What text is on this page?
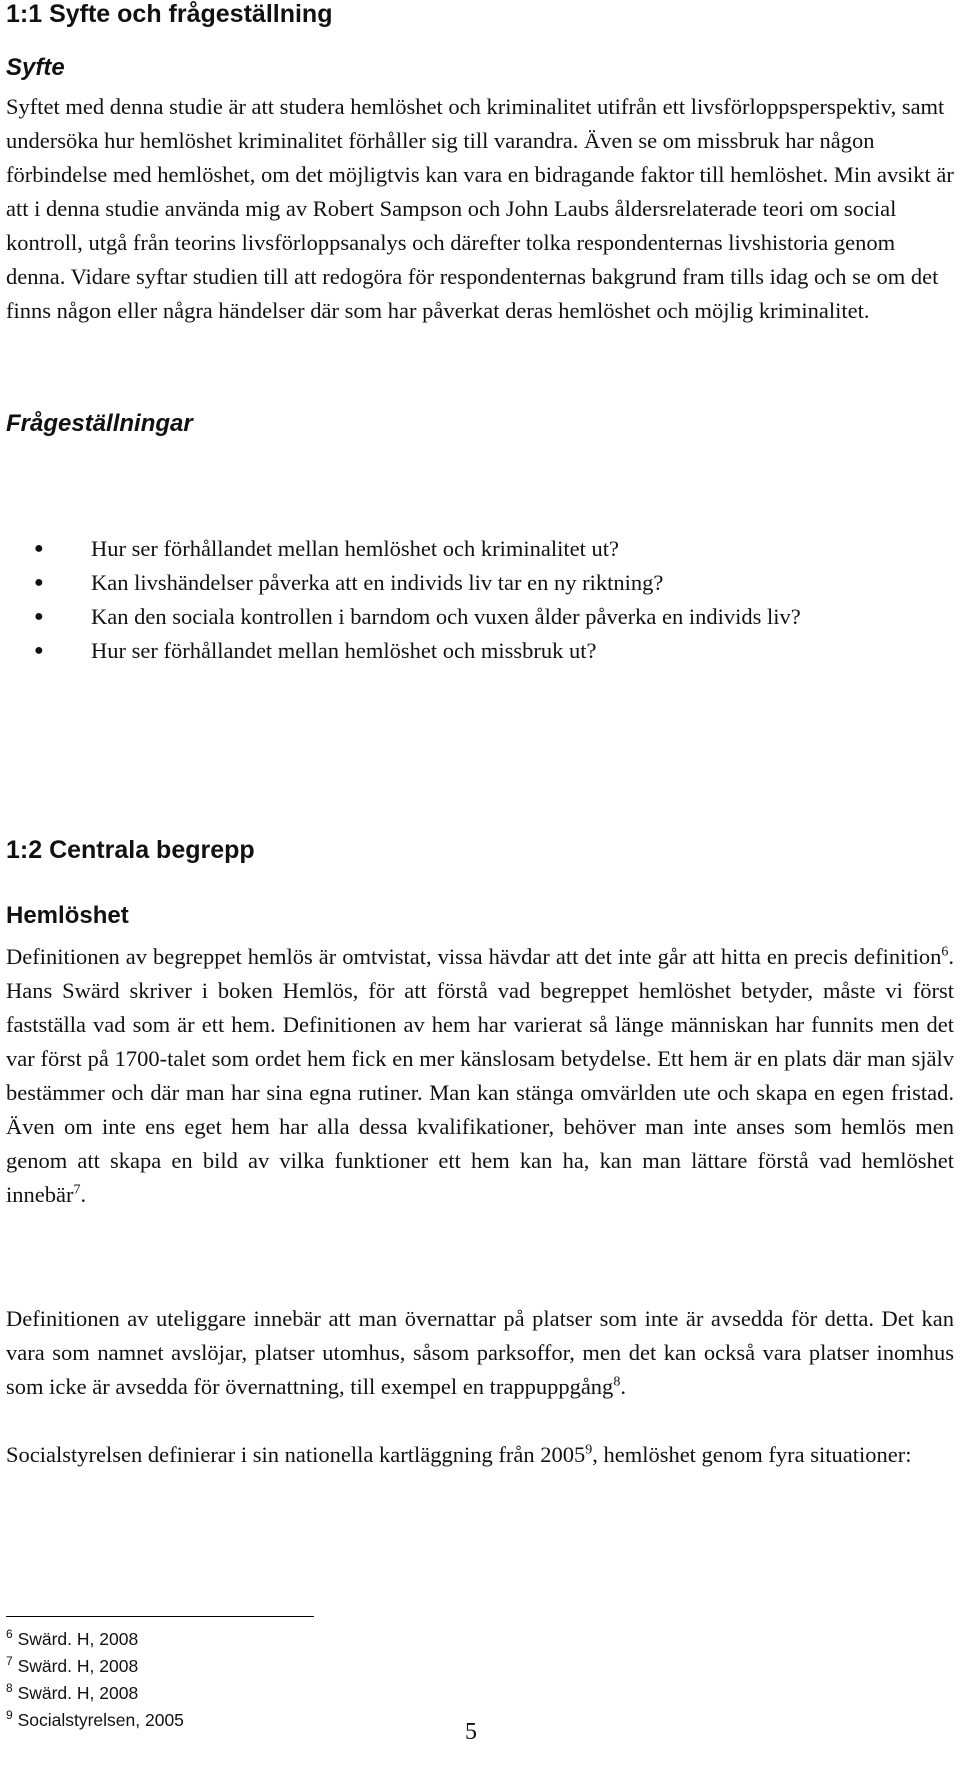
1:1 Syfte och frågeställning
Syfte

Syftet med denna studie är att studera hemlöshet och kriminalitet utifrån ett livsförloppsperspektiv, samt undersöka hur hemlöshet kriminalitet förhåller sig till varandra. Även se om missbruk har någon förbindelse med hemlöshet, om det möjligtvis kan vara en bidragande faktor till hemlöshet. Min avsikt är att i denna studie använda mig av Robert Sampson och John Laubs åldersrelaterade teori om social kontroll, utgå från teorins livsförloppsanalys och därefter tolka respondenternas livshistoria genom denna. Vidare syftar studien till att redogöra för respondenternas bakgrund fram tills idag och se om det finns någon eller några händelser där som har påverkat deras hemlöshet och möjlig kriminalitet.

Frågeställningar
● Hur ser förhållandet mellan hemlöshet och kriminalitet ut?
● Kan livshändelser påverka att en individs liv tar en ny riktning?
● Kan den sociala kontrollen i barndom och vuxen ålder påverka en individs liv?
● Hur ser förhållandet mellan hemlöshet och missbruk ut?
1:2 Centrala begrepp
Hemlöshet

Definitionen av begreppet hemlös är omtvistat, vissa hävdar att det inte går att hitta en precis definition$^6$. Hans Swärd skriver i boken Hemlös, för att förstå vad begreppet hemlöshet betyder, måste vi först fastställa vad som är ett hem. Definitionen av hem har varierat så länge människan har funnits men det var först på 1700-talet som ordet hem fick en mer känslosam betydelse. Ett hem är en plats där man själv bestämmer och där man har sina egna rutiner. Man kan stänga omvärlden ute och skapa en egen fristad. Även om inte ens eget hem har alla dessa kvalifikationer, behöver man inte anses som hemlös men genom att skapa en bild av vilka funktioner ett hem kan ha, kan man lättare förstå vad hemlöshet innebär$^7$.

Definitionen av uteliggare innebär att man övernattar på platser som inte är avsedda för detta. Det kan vara som namnet avslöjar, platser utomhus, såsom parksoffor, men det kan också vara platser inomhus som icke är avsedda för övernattning, till exempel en trappuppgång$^8$.

Socialstyrelsen definierar i sin nationella kartläggning från 2005$^9$, hemlöshet genom fyra situationer:

$^6$ Swärd. H, 2008
$^7$ Swärd. H, 2008
$^8$ Swärd. H, 2008
$^9$ Socialstyrelsen, 2005	5
